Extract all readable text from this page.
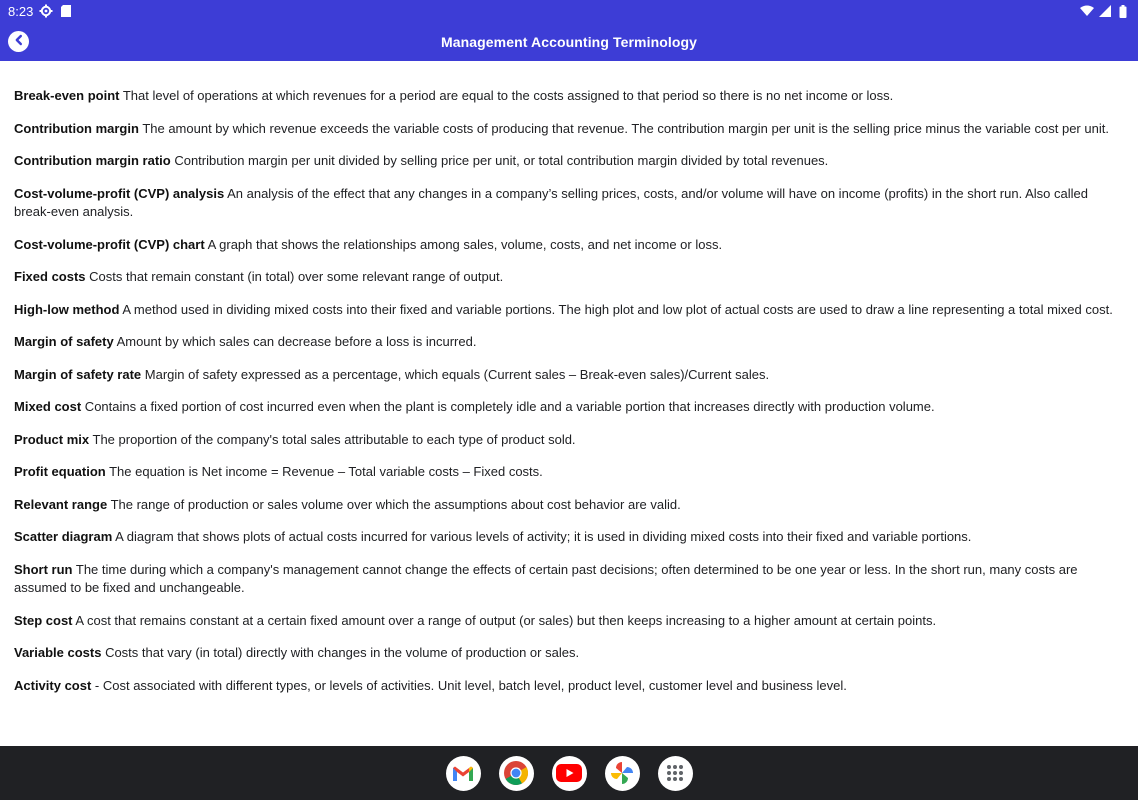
8:23
Management Accounting Terminology

Break-even point That level of operations at which revenues for a period are equal to the costs assigned to that period so there is no net income or loss.

Contribution margin The amount by which revenue exceeds the variable costs of producing that revenue. The contribution margin per unit is the selling price minus the variable cost per unit.

Contribution margin ratio Contribution margin per unit divided by selling price per unit, or total contribution margin divided by total revenues.

Cost-volume-profit (CVP) analysis An analysis of the effect that any changes in a company’s selling prices, costs, and/or volume will have on income (profits) in the short run. Also called break-even analysis.

Cost-volume-profit (CVP) chart A graph that shows the relationships among sales, volume, costs, and net income or loss.

Fixed costs Costs that remain constant (in total) over some relevant range of output.

High-low method A method used in dividing mixed costs into their fixed and variable portions. The high plot and low plot of actual costs are used to draw a line representing a total mixed cost.

Margin of safety Amount by which sales can decrease before a loss is incurred.

Margin of safety rate Margin of safety expressed as a percentage, which equals (Current sales – Break-even sales)/Current sales.

Mixed cost Contains a fixed portion of cost incurred even when the plant is completely idle and a variable portion that increases directly with production volume.

Product mix The proportion of the company's total sales attributable to each type of product sold.

Profit equation The equation is Net income = Revenue – Total variable costs – Fixed costs.

Relevant range The range of production or sales volume over which the assumptions about cost behavior are valid.

Scatter diagram A diagram that shows plots of actual costs incurred for various levels of activity; it is used in dividing mixed costs into their fixed and variable portions.

Short run The time during which a company's management cannot change the effects of certain past decisions; often determined to be one year or less. In the short run, many costs are assumed to be fixed and unchangeable.

Step cost A cost that remains constant at a certain fixed amount over a range of output (or sales) but then keeps increasing to a higher amount at certain points.

Variable costs Costs that vary (in total) directly with changes in the volume of production or sales.

Activity cost - Cost associated with different types, or levels of activities. Unit level, batch level, product level, customer level and business level.
